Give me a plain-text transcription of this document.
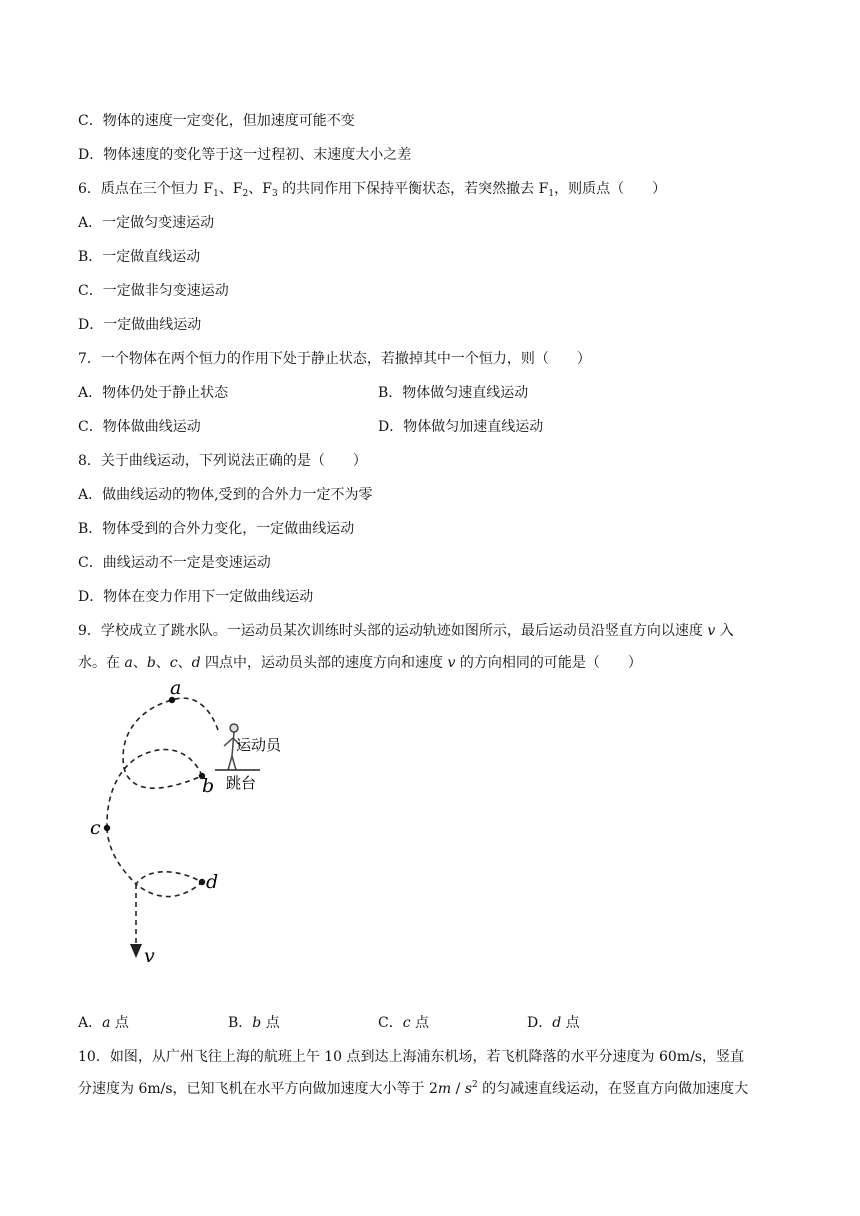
C．物体的速度一定变化，但加速度可能不变
D．物体速度的变化等于这一过程初、末速度大小之差
6．质点在三个恒力 $F_1$、$F_2$、$F_3$ 的共同作用下保持平衡状态，若突然撤去 $F_1$，则质点（　　）
A．一定做匀变速运动
B．一定做直线运动
C．一定做非匀变速运动
D．一定做曲线运动
7．一个物体在两个恒力的作用下处于静止状态，若撤掉其中一个恒力，则（　　）
A．物体仍处于静止状态	B．物体做匀速直线运动
C．物体做曲线运动	D．物体做匀加速直线运动
8．关于曲线运动，下列说法正确的是（　　）
A．做曲线运动的物体,受到的合外力一定不为零
B．物体受到的合外力变化，一定做曲线运动
C．曲线运动不一定是变速运动
D．物体在变力作用下一定做曲线运动
9．学校成立了跳水队。一运动员某次训练时头部的运动轨迹如图所示，最后运动员沿竖直方向以速度 v 入
水。在 a、b、c、d 四点中，运动员头部的速度方向和速度 v 的方向相同的可能是（　　）
a
b
c
d
v
运动员
跳台
A．a 点	B．b 点	C．c 点	D．d 点
10．如图，从广州飞往上海的航班上午 10 点到达上海浦东机场，若飞机降落的水平分速度为 60m/s，竖直
分速度为 6m/s，已知飞机在水平方向做加速度大小等于 $2m / s^2$ 的匀减速直线运动，在竖直方向做加速度大
